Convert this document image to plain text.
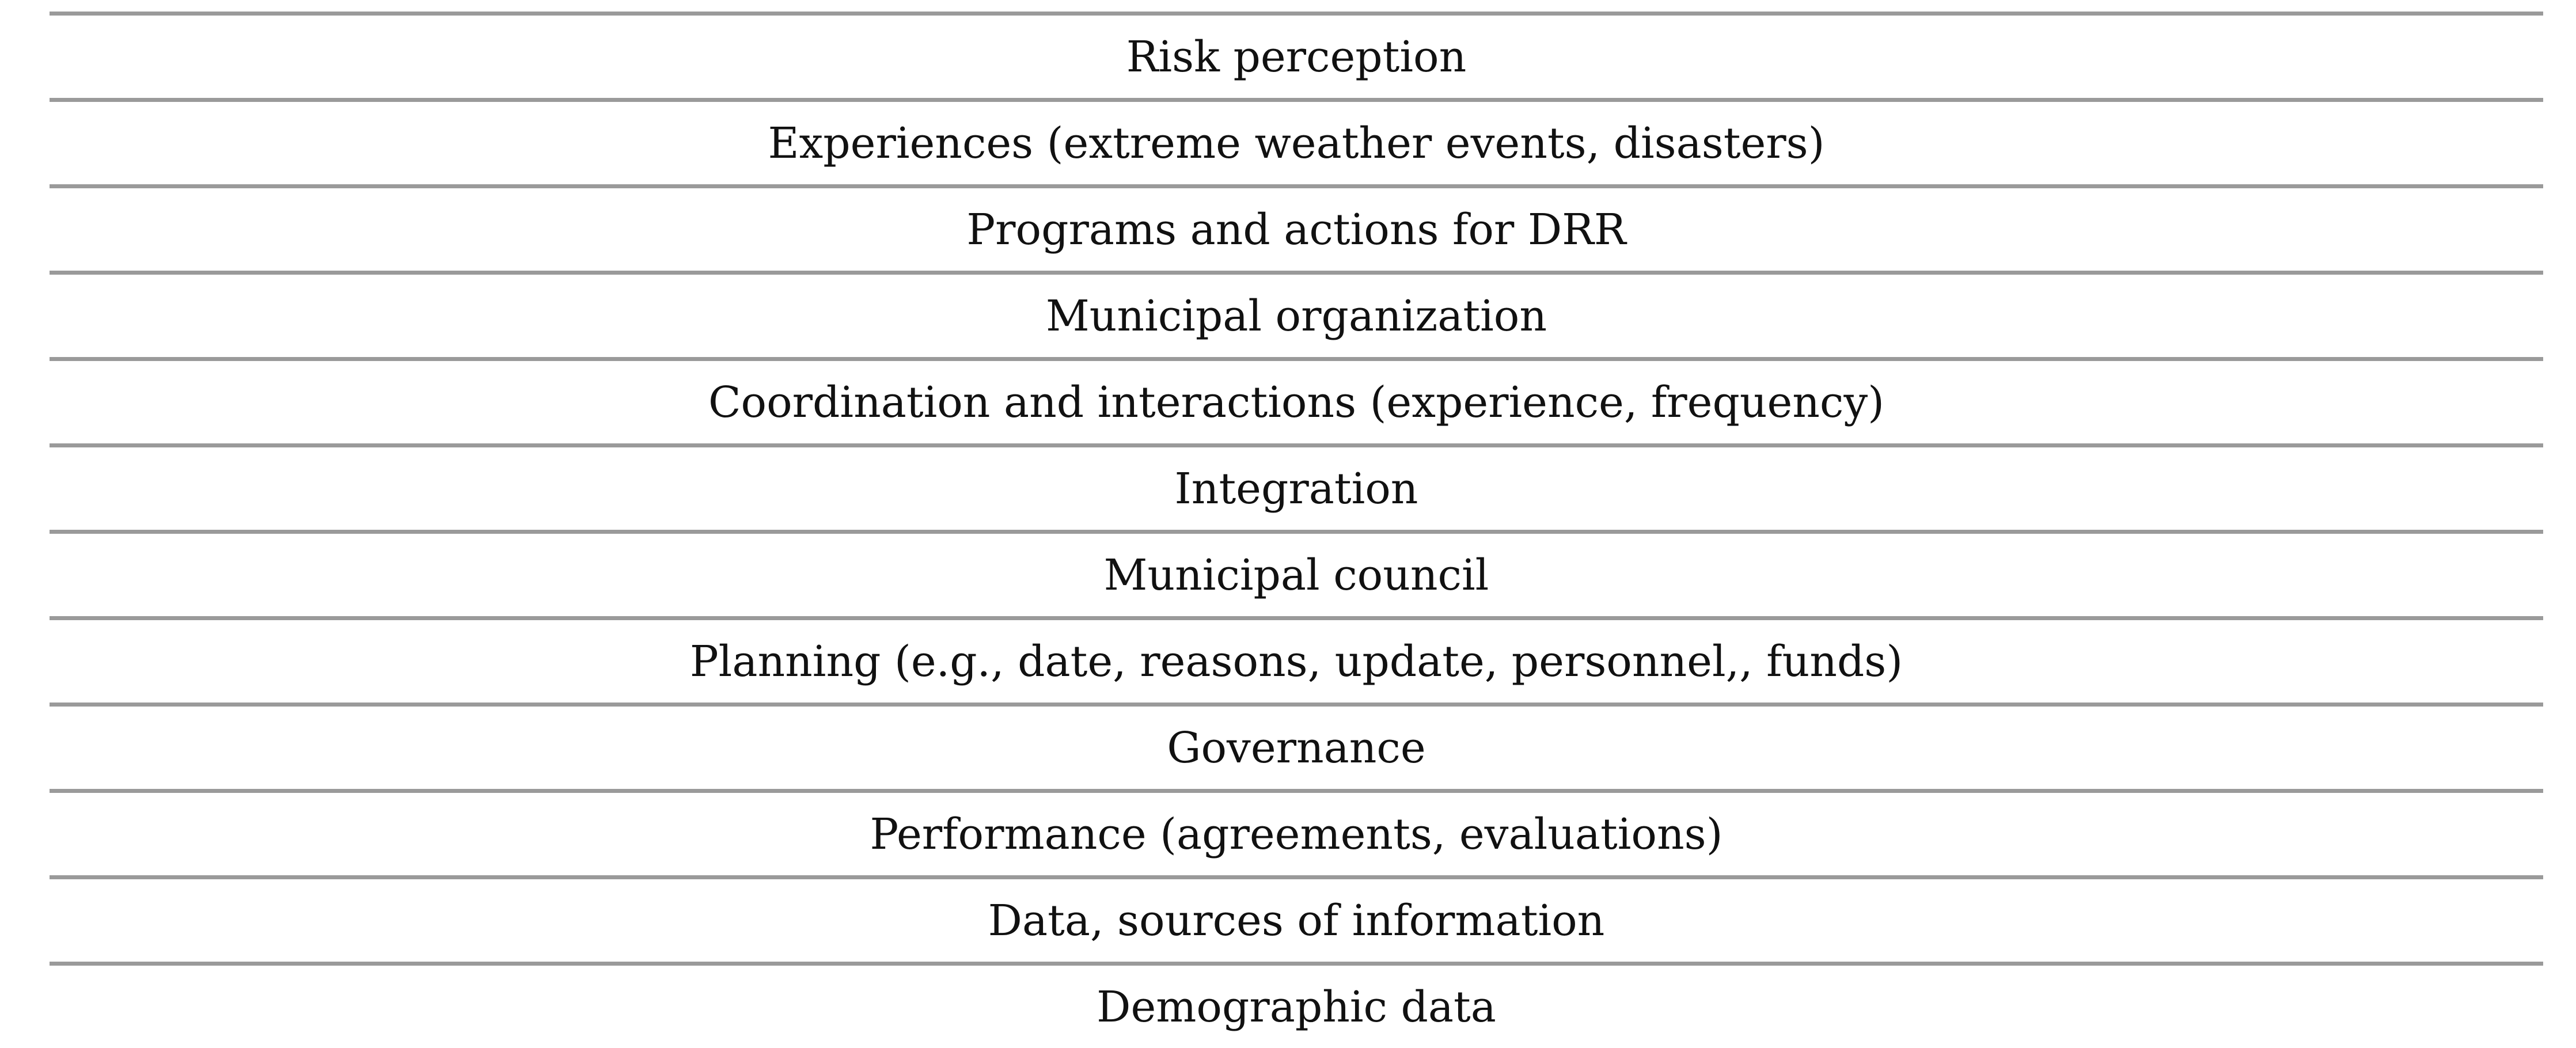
Risk perception
Experiences (extreme weather events, disasters)
Programs and actions for DRR
Municipal organization
Coordination and interactions (experience, frequency)
Integration
Municipal council
Planning (e.g., date, reasons, update, personnel,, funds)
Governance
Performance (agreements, evaluations)
Data, sources of information
Demographic data
